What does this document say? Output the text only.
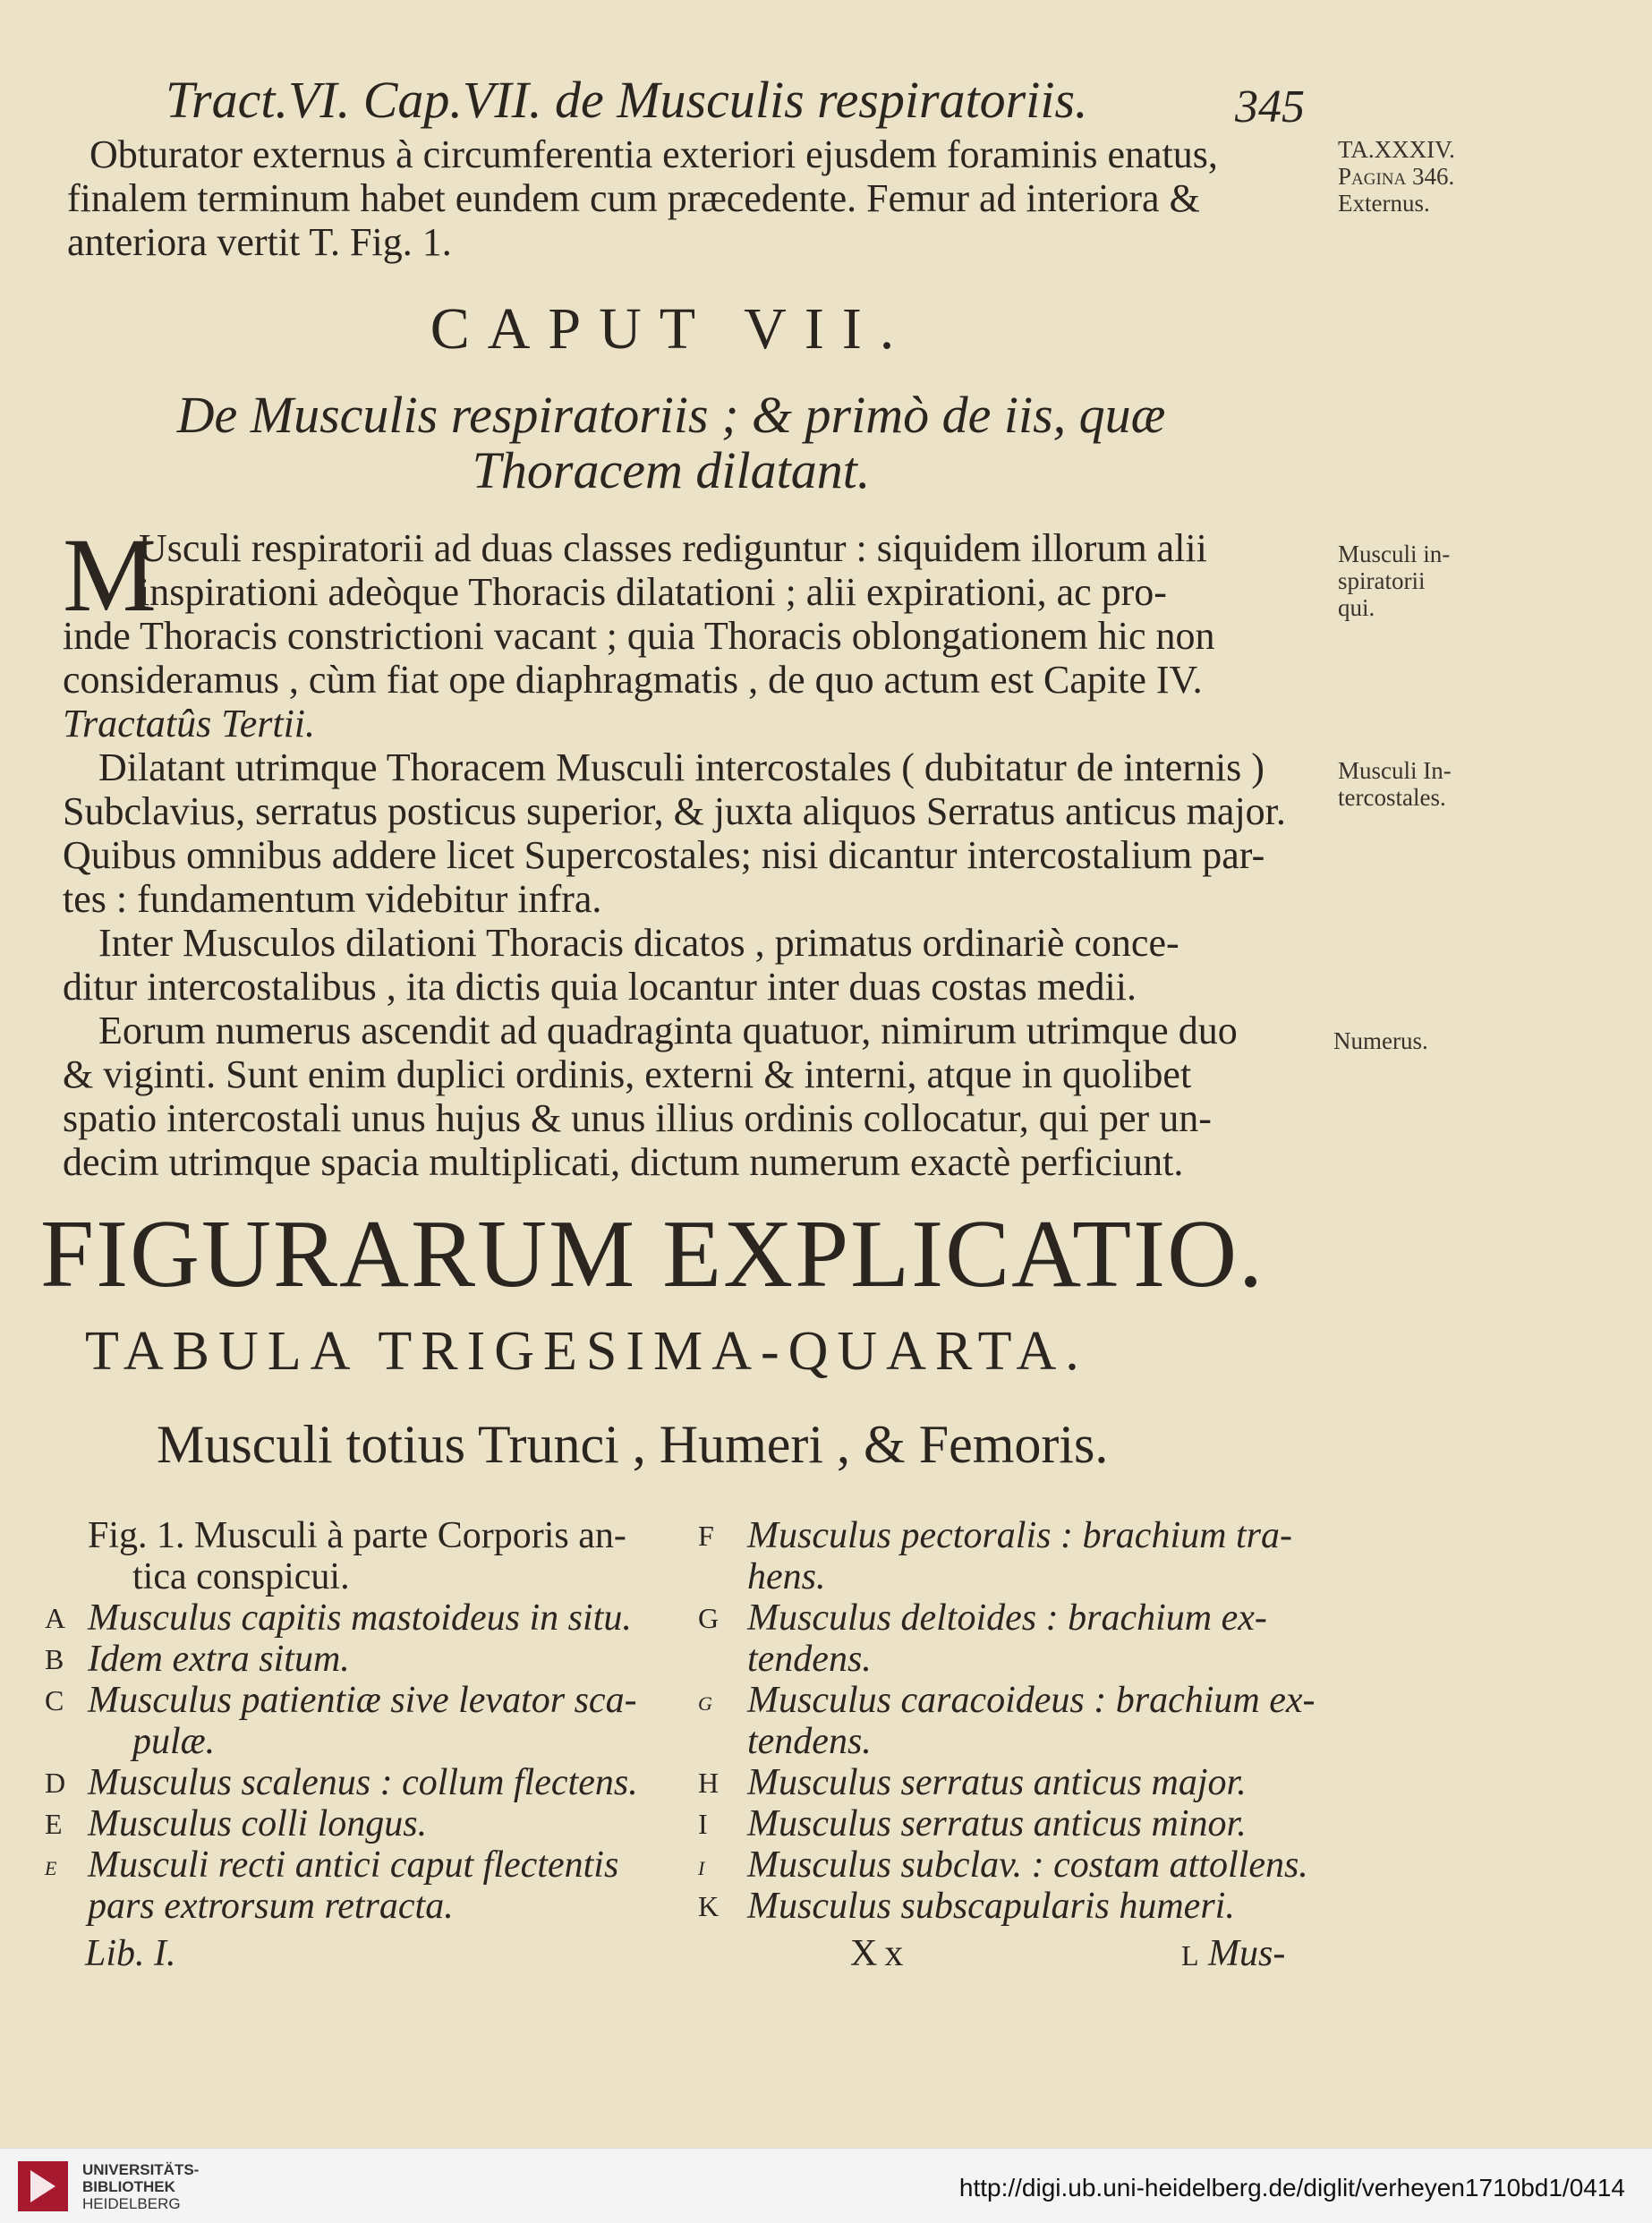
Tract.VI. Cap.VII. de Musculis respiratoriis.	345
Obturator externus à circumferentia exteriori ejusdem foraminis enatus,
finalem terminum habet eundem cum præcedente. Femur ad interiora &
anteriora vertit T. Fig. 1.
TA.XXXIV.
Pagina 346.
Externus.
CAPUT VII.
De Musculis respiratoriis ; & primò de iis, quæ
Thoracem dilatant.
M
Usculi respiratorii ad duas classes rediguntur : siquidem illorum alii
inspirationi adeòque Thoracis dilatationi ; alii expirationi, ac pro-
inde Thoracis constrictioni vacant ; quia Thoracis oblongationem hic non
consideramus , cùm fiat ope diaphragmatis , de quo actum est Capite IV.
Tractatûs Tertii.
Musculi in-
spiratorii
qui.
Dilatant utrimque Thoracem Musculi intercostales ( dubitatur de internis )
Subclavius, serratus posticus superior, & juxta aliquos Serratus anticus major.
Quibus omnibus addere licet Supercostales; nisi dicantur intercostalium par-
tes : fundamentum videbitur infra.
Musculi In-
tercostales.
Inter Musculos dilationi Thoracis dicatos , primatus ordinariè conce-
ditur intercostalibus , ita dictis quia locantur inter duas costas medii.
Eorum numerus ascendit ad quadraginta quatuor, nimirum utrimque duo
& viginti. Sunt enim duplici ordinis, externi & interni, atque in quolibet
spatio intercostali unus hujus & unus illius ordinis collocatur, qui per un-
decim utrimque spacia multiplicati, dictum numerum exactè perficiunt.
Numerus.
FIGURARUM EXPLICATIO.
TABULA TRIGESIMA-QUARTA.
Musculi totius Trunci , Humeri , & Femoris.
Fig. 1. Musculi à parte Corporis an-
tica conspicui.
A Musculus capitis mastoideus in situ.
B Idem extra situm.
C Musculus patientiæ sive levator sca-
pulæ.
D Musculus scalenus : collum flectens.
E Musculus colli longus.
e Musculi recti antici caput flectentis
pars extrorsum retracta.
F Musculus pectoralis : brachium tra-
hens.
G Musculus deltoides : brachium ex-
tendens.
g Musculus caracoideus : brachium ex-
tendens.
H Musculus serratus anticus major.
I Musculus serratus anticus minor.
i Musculus subclav. : costam attollens.
K Musculus subscapularis humeri.
Lib. I.	Xx	L Mus-
UNIVERSITÄTS-
BIBLIOTHEK
HEIDELBERG
http://digi.ub.uni-heidelberg.de/diglit/verheyen1710bd1/0414
